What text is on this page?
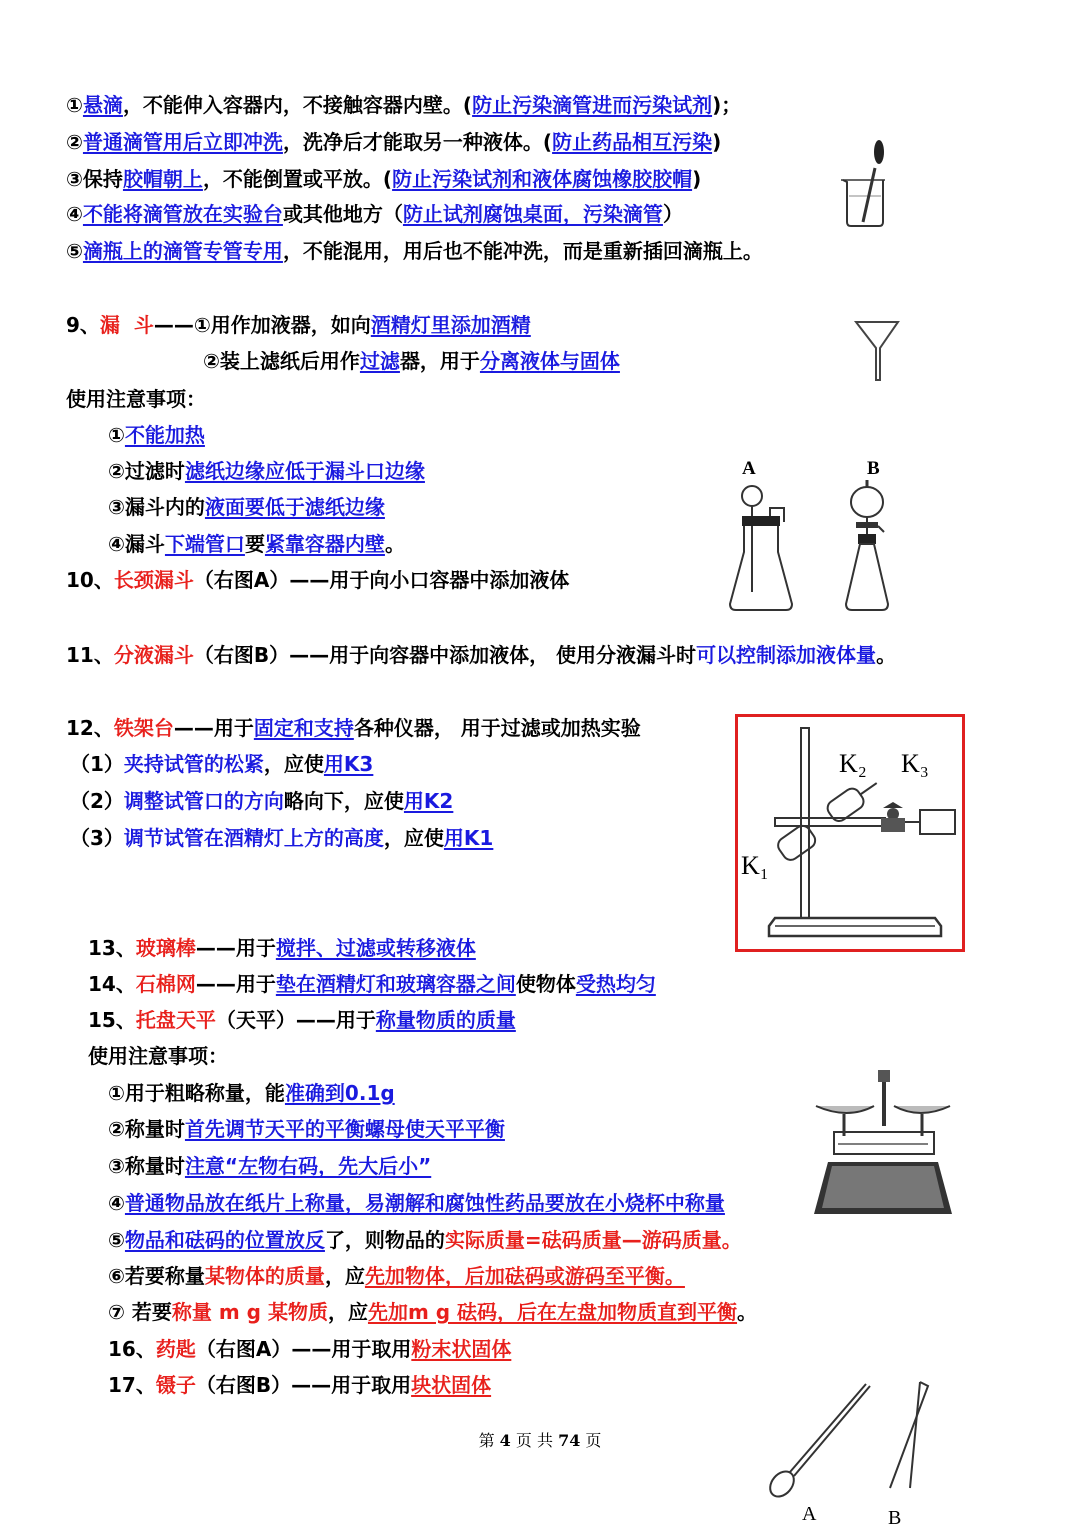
①悬滴，不能伸入容器内，不接触容器内壁。(防止污染滴管进而污染试剂)；
②普通滴管用后立即冲洗，洗净后才能取另一种液体。(防止药品相互污染)
③保持胶帽朝上，不能倒置或平放。(防止污染试剂和液体腐蚀橡胶胶帽)
④不能将滴管放在实验台或其他地方（防止试剂腐蚀桌面，污染滴管）
⑤滴瓶上的滴管专管专用，不能混用，用后也不能冲洗，而是重新插回滴瓶上。
9、漏  斗——①用作加液器，如向酒精灯里添加酒精
②装上滤纸后用作过滤器，用于分离液体与固体
使用注意事项：
①不能加热
②过滤时滤纸边缘应低于漏斗口边缘
③漏斗内的液面要低于滤纸边缘
④漏斗下端管口要紧靠容器内壁。
A	B
10、长颈漏斗（右图A）——用于向小口容器中添加液体
11、分液漏斗（右图B）——用于向容器中添加液体， 使用分液漏斗时可以控制添加液体量。
12、铁架台——用于固定和支持各种仪器， 用于过滤或加热实验
（1）夹持试管的松紧，应使用K3
（2）调整试管口的方向略向下，应使用K2
（3）调节试管在酒精灯上方的高度，应使用K1
K₂ K₃
K₁
13、玻璃棒——用于搅拌、过滤或转移液体
14、石棉网——用于垫在酒精灯和玻璃容器之间使物体受热均匀
15、托盘天平（天平）——用于称量物质的质量
使用注意事项：
①用于粗略称量，能准确到0.1g
②称量时首先调节天平的平衡螺母使天平平衡
③称量时注意“左物右码，先大后小”
④普通物品放在纸片上称量，易潮解和腐蚀性药品要放在小烧杯中称量
⑤物品和砝码的位置放反了，则物品的实际质量=砝码质量—游码质量。
⑥若要称量某物体的质量，应先加物体，后加砝码或游码至平衡。
⑦ 若要称量 m g 某物质，应先加m g 砝码，后在左盘加物质直到平衡。
16、药匙（右图A）——用于取用粉末状固体
17、镊子（右图B）——用于取用块状固体
A	B
第 4 页 共 74 页
